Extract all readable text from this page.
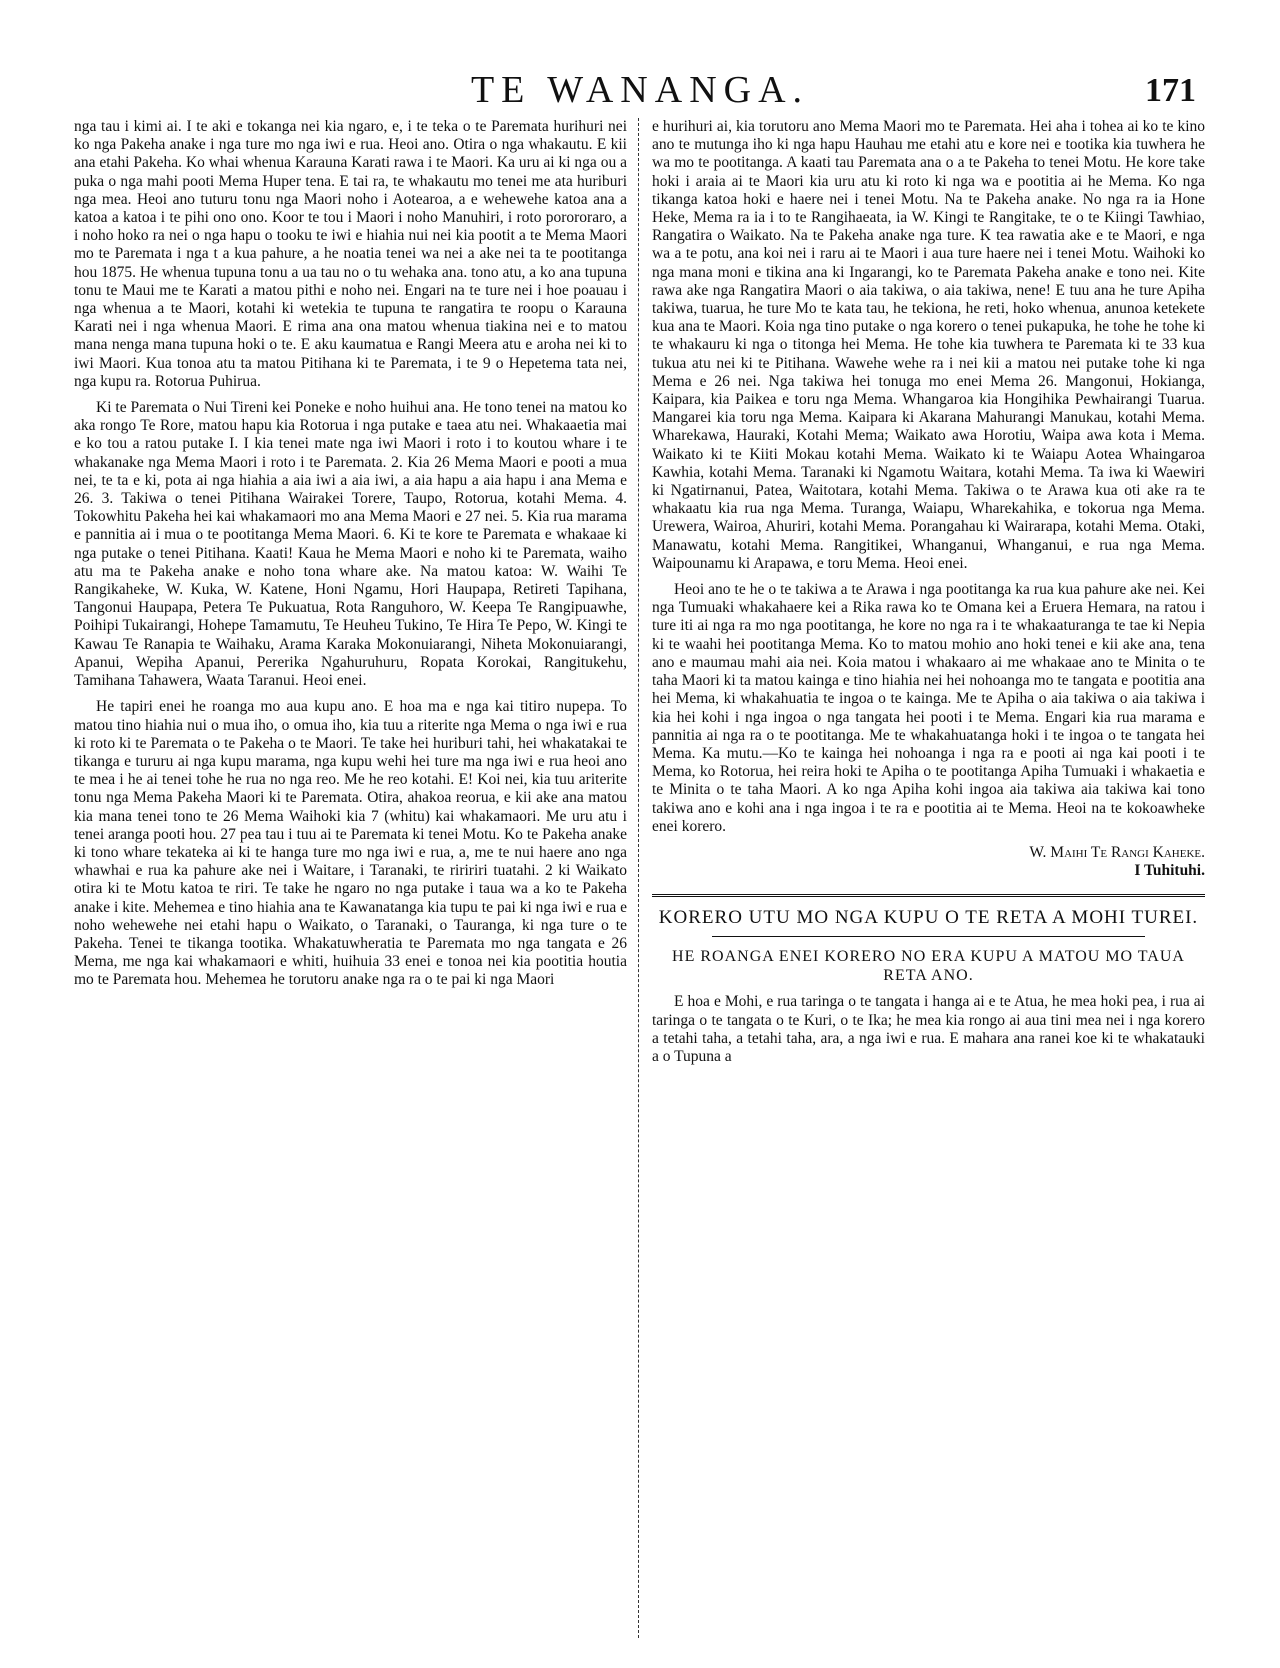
TE WANANGA.	171

nga tau i kimi ai. I te aki e tokanga nei kia ngaro, e, i te teka o te Paremata hurihuri nei ko nga Pakeha anake i nga ture mo nga iwi e rua. Heoi ano. Otira o nga whakautu. E kii ana etahi Pakeha. Ko whai whenua Karauna Karati rawa i te Maori. Ka uru ai ki nga ou a puka o nga mahi pooti Mema Huper tena. E tai ra, te whakautu mo tenei me ata huriburi nga mea. Heoi ano tuturu tonu nga Maori noho i Aotearoa, a e wehewehe katoa ana a katoa a katoa i te pihi ono ono. Koor te tou i Maori i noho Manuhiri, i roto porororaro, a i noho hoko ra nei o nga hapu o tooku te iwi e hiahia nui nei kia pootit a te Mema Maori mo te Paremata i nga t a kua pahure, a he noatia tenei wa nei a ake nei ta te pootitanga hou 1875. He whenua tupuna tonu a ua tau no o tu wehaka ana. tono atu, a ko ana tupuna tonu te Maui me te Karati a matou pithi e noho nei. Engari na te ture nei i hoe poauau i nga whenua a te Maori, kotahi ki wetekia te tupuna te rangatira te roopu o Karauna Karati nei i nga whenua Maori. E rima ana ona matou whenua tiakina nei e to matou mana nenga mana tupuna hoki o te. E aku kaumatua e Rangi Meera atu e aroha nei ki to iwi Maori. Kua tonoa atu ta matou Pitihana ki te Paremata, i te 9 o Hepetema tata nei, nga kupu ra. Rotorua Puhirua.

Ki te Paremata o Nui Tireni kei Poneke e noho huihui ana. He tono tenei na matou ko aka rongo Te Rore, matou hapu kia Rotorua i nga putake e taea atu nei. Whakaaetia mai e ko tou a ratou putake I. I kia tenei mate nga iwi Maori i roto i to koutou whare i te whakanake nga Mema Maori i roto i te Paremata. 2. Kia 26 Mema Maori e pooti a mua nei, te ta e ki, pota ai nga hiahia a aia iwi a aia iwi, a aia hapu a aia hapu i ana Mema e 26. 3. Takiwa o tenei Pitihana Wairakei Torere, Taupo, Rotorua, kotahi Mema. 4. Tokowhitu Pakeha hei kai whakamaori mo ana Mema Maori e 27 nei. 5. Kia rua marama e pannitia ai i mua o te pootitanga Mema Maori. 6. Ki te kore te Paremata e whakaae ki nga putake o tenei Pitihana. Kaati! Kaua he Mema Maori e noho ki te Paremata, waiho atu ma te Pakeha anake e noho tona whare ake. Na matou katoa: W. Waihi Te Rangikaheke, W. Kuka, W. Katene, Honi Ngamu, Hori Haupapa, Retireti Tapihana, Tangonui Haupapa, Petera Te Pukuatua, Rota Ranguhoro, W. Keepa Te Rangipuawhe, Poihipi Tukairangi, Hohepe Tamamutu, Te Heuheu Tukino, Te Hira Te Pepo, W. Kingi te Kawau Te Ranapia te Waihaku, Arama Karaka Mokonuiarangi, Niheta Mokonuiarangi, Apanui, Wepiha Apanui, Pererika Ngahuruhuru, Ropata Korokai, Rangitukehu, Tamihana Tahawera, Waata Taranui. Heoi enei.

He tapiri enei he roanga mo aua kupu ano. E hoa ma e nga kai titiro nupepa. To matou tino hiahia nui o mua iho, o omua iho, kia tuu a riterite nga Mema o nga iwi e rua ki roto ki te Paremata o te Pakeha o te Maori. Te take hei huriburi tahi, hei whakatakai te tikanga e tururu ai nga kupu marama, nga kupu wehi hei ture ma nga iwi e rua heoi ano te mea i he ai tenei tohe he rua no nga reo. Me he reo kotahi. E! Koi nei, kia tuu ariterite tonu nga Mema Pakeha Maori ki te Paremata. Otira, ahakoa reorua, e kii ake ana matou kia mana tenei tono te 26 Mema Waihoki kia 7 (whitu) kai whakamaori. Me uru atu i tenei aranga pooti hou. 27 pea tau i tuu ai te Paremata ki tenei Motu. Ko te Pakeha anake ki tono whare tekateka ai ki te hanga ture mo nga iwi e rua, a, me te nui haere ano nga whawhai e rua ka pahure ake nei i Waitare, i Taranaki, te riririri tuatahi. 2 ki Waikato otira ki te Motu katoa te riri. Te take he ngaro no nga putake i taua wa a ko te Pakeha anake i kite. Mehemea e tino hiahia ana te Kawanatanga kia tupu te pai ki nga iwi e rua e noho wehewehe nei etahi hapu o Waikato, o Taranaki, o Tauranga, ki nga ture o te Pakeha. Tenei te tikanga tootika. Whakatuwheratia te Paremata mo nga tangata e 26 Mema, me nga kai whakamaori e whiti, huihuia 33 enei e tonoa nei kia pootitia houtia mo te Paremata hou. Mehemea he torutoru anake nga ra o te pai ki nga Maori

e hurihuri ai, kia torutoru ano Mema Maori mo te Paremata. Hei aha i tohea ai ko te kino ano te mutunga iho ki nga hapu Hauhau me etahi atu e kore nei e tootika kia tuwhera he wa mo te pootitanga. A kaati tau Paremata ana o a te Pakeha to tenei Motu. He kore take hoki i araia ai te Maori kia uru atu ki roto ki nga wa e pootitia ai he Mema. Ko nga tikanga katoa hoki e haere nei i tenei Motu. Na te Pakeha anake. No nga ra ia Hone Heke, Mema ra ia i to te Rangihaeata, ia W. Kingi te Rangitake, te o te Kiingi Tawhiao, Rangatira o Waikato. Na te Pakeha anake nga ture. K tea rawatia ake e te Maori, e nga wa a te potu, ana koi nei i raru ai te Maori i aua ture haere nei i tenei Motu. Waihoki ko nga mana moni e tikina ana ki Ingarangi, ko te Paremata Pakeha anake e tono nei. Kite rawa ake nga Rangatira Maori o aia takiwa, o aia takiwa, nene! E tuu ana he ture Apiha takiwa, tuarua, he ture Mo te kata tau, he tekiona, he reti, hoko whenua, anunoa ketekete kua ana te Maori. Koia nga tino putake o nga korero o tenei pukapuka, he tohe he tohe ki te whakauru ki nga o titonga hei Mema. He tohe kia tuwhera te Paremata ki te 33 kua tukua atu nei ki te Pitihana. Wawehe wehe ra i nei kii a matou nei putake tohe ki nga Mema e 26 nei. Nga takiwa hei tonuga mo enei Mema 26. Mangonui, Hokianga, Kaipara, kia Paikea e toru nga Mema. Whangaroa kia Hongihika Pewhairangi Tuarua. Mangarei kia toru nga Mema. Kaipara ki Akarana Mahurangi Manukau, kotahi Mema. Wharekawa, Hauraki, Kotahi Mema; Waikato awa Horotiu, Waipa awa kota i Mema. Waikato ki te Kiiti Mokau kotahi Mema. Waikato ki te Waiapu Aotea Whaingaroa Kawhia, kotahi Mema. Taranaki ki Ngamotu Waitara, kotahi Mema. Ta iwa ki Waewiri ki Ngatirnanui, Patea, Waitotara, kotahi Mema. Takiwa o te Arawa kua oti ake ra te whakaatu kia rua nga Mema. Turanga, Waiapu, Wharekahika, e tokorua nga Mema. Urewera, Wairoa, Ahuriri, kotahi Mema. Porangahau ki Wairarapa, kotahi Mema. Otaki, Manawatu, kotahi Mema. Rangitikei, Whanganui, Whanganui, e rua nga Mema. Waipounamu ki Arapawa, e toru Mema. Heoi enei.

Heoi ano te he o te takiwa a te Arawa i nga pootitanga ka rua kua pahure ake nei. Kei nga Tumuaki whakahaere kei a Rika rawa ko te Omana kei a Eruera Hemara, na ratou i ture iti ai nga ra mo nga pootitanga, he kore no nga ra i te whakaaturanga te tae ki Nepia ki te waahi hei pootitanga Mema. Ko to matou mohio ano hoki tenei e kii ake ana, tena ano e maumau mahi aia nei. Koia matou i whakaaro ai me whakaae ano te Minita o te taha Maori ki ta matou kainga e tino hiahia nei hei nohoanga mo te tangata e pootitia ana hei Mema, ki whakahuatia te ingoa o te kainga. Me te Apiha o aia takiwa o aia takiwa i kia hei kohi i nga ingoa o nga tangata hei pooti i te Mema. Engari kia rua marama e pannitia ai nga ra o te pootitanga. Me te whakahuatanga hoki i te ingoa o te tangata hei Mema. Ka mutu.—Ko te kainga hei nohoanga i nga ra e pooti ai nga kai pooti i te Mema, ko Rotorua, hei reira hoki te Apiha o te pootitanga Apiha Tumuaki i whakaetia e te Minita o te taha Maori. A ko nga Apiha kohi ingoa aia takiwa aia takiwa kai tono takiwa ano e kohi ana i nga ingoa i te ra e pootitia ai te Mema. Heoi na te kokoawheke enei korero.

W. Maihi Te Rangi Kaheke.

I Tuhituhi.

KORERO UTU MO NGA KUPU O TE RETA A MOHI TUREI.
HE ROANGA ENEI KORERO NO ERA KUPU A MATOU MO TAUA RETA ANO.

E hoa e Mohi, e rua taringa o te tangata i hanga ai e te Atua, he mea hoki pea, i rua ai taringa o te tangata o te Kuri, o te Ika; he mea kia rongo ai aua tini mea nei i nga korero a tetahi taha, a tetahi taha, ara, a nga iwi e rua. E mahara ana ranei koe ki te whakatauki a o Tupuna a
